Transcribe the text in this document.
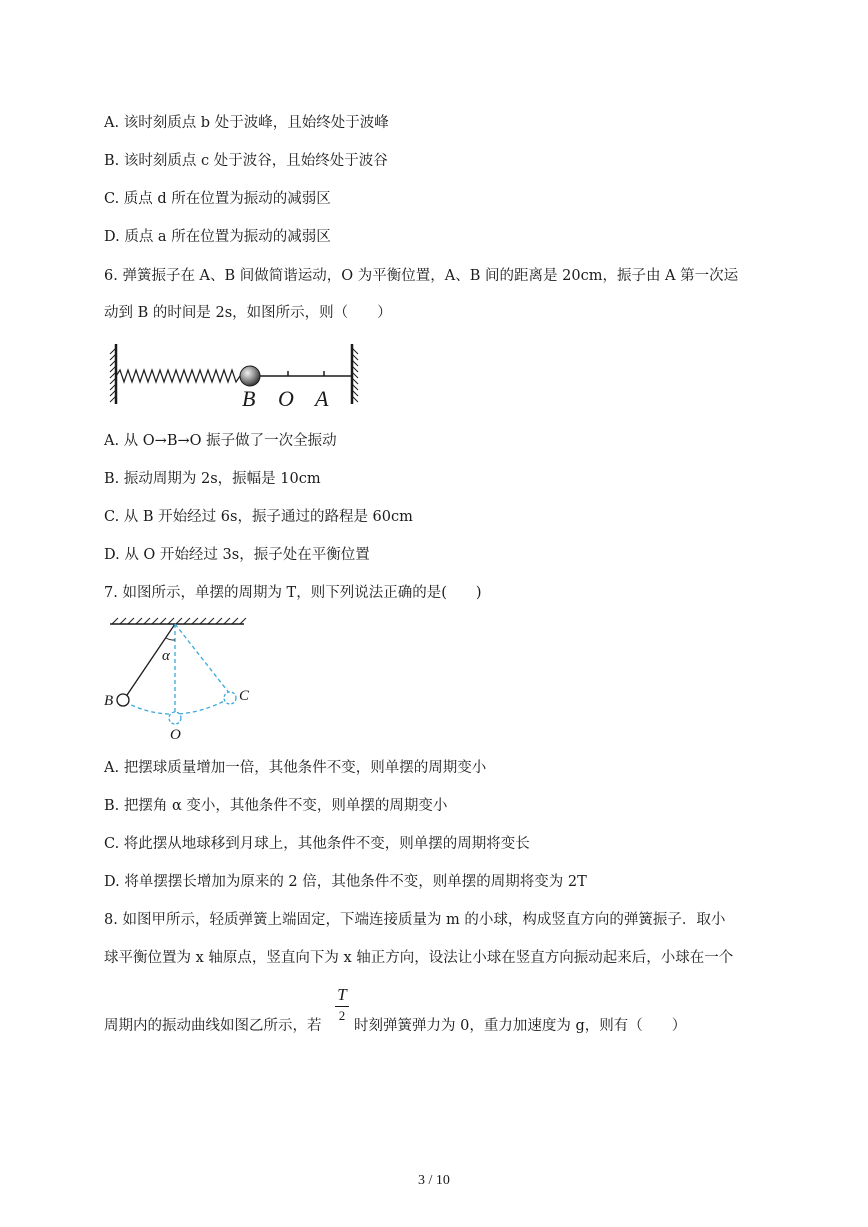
A. 该时刻质点 b 处于波峰，且始终处于波峰
B. 该时刻质点 c 处于波谷，且始终处于波谷
C. 质点 d 所在位置为振动的减弱区
D. 质点 a 所在位置为振动的减弱区
6. 弹簧振子在 A、B 间做简谐运动，O 为平衡位置，A、B 间的距离是 20cm，振子由 A 第一次运
动到 B 的时间是 2s，如图所示，则（　　）
B O A
A. 从 O→B→O 振子做了一次全振动
B. 振动周期为 2s，振幅是 10cm
C. 从 B 开始经过 6s，振子通过的路程是 60cm
D. 从 O 开始经过 3s，振子处在平衡位置
7. 如图所示，单摆的周期为 T，则下列说法正确的是(　　)
α
B	C
O
A. 把摆球质量增加一倍，其他条件不变，则单摆的周期变小
B. 把摆角 α 变小，其他条件不变，则单摆的周期变小
C. 将此摆从地球移到月球上，其他条件不变，则单摆的周期将变长
D. 将单摆摆长增加为原来的 2 倍，其他条件不变，则单摆的周期将变为 2T
8. 如图甲所示，轻质弹簧上端固定，下端连接质量为 m 的小球，构成竖直方向的弹簧振子．取小
球平衡位置为 x 轴原点，竖直向下为 x 轴正方向，设法让小球在竖直方向振动起来后，小球在一个
周期内的振动曲线如图乙所示，若
T
2
时刻弹簧弹力为 0，重力加速度为 g，则有（　　）
3 / 10
